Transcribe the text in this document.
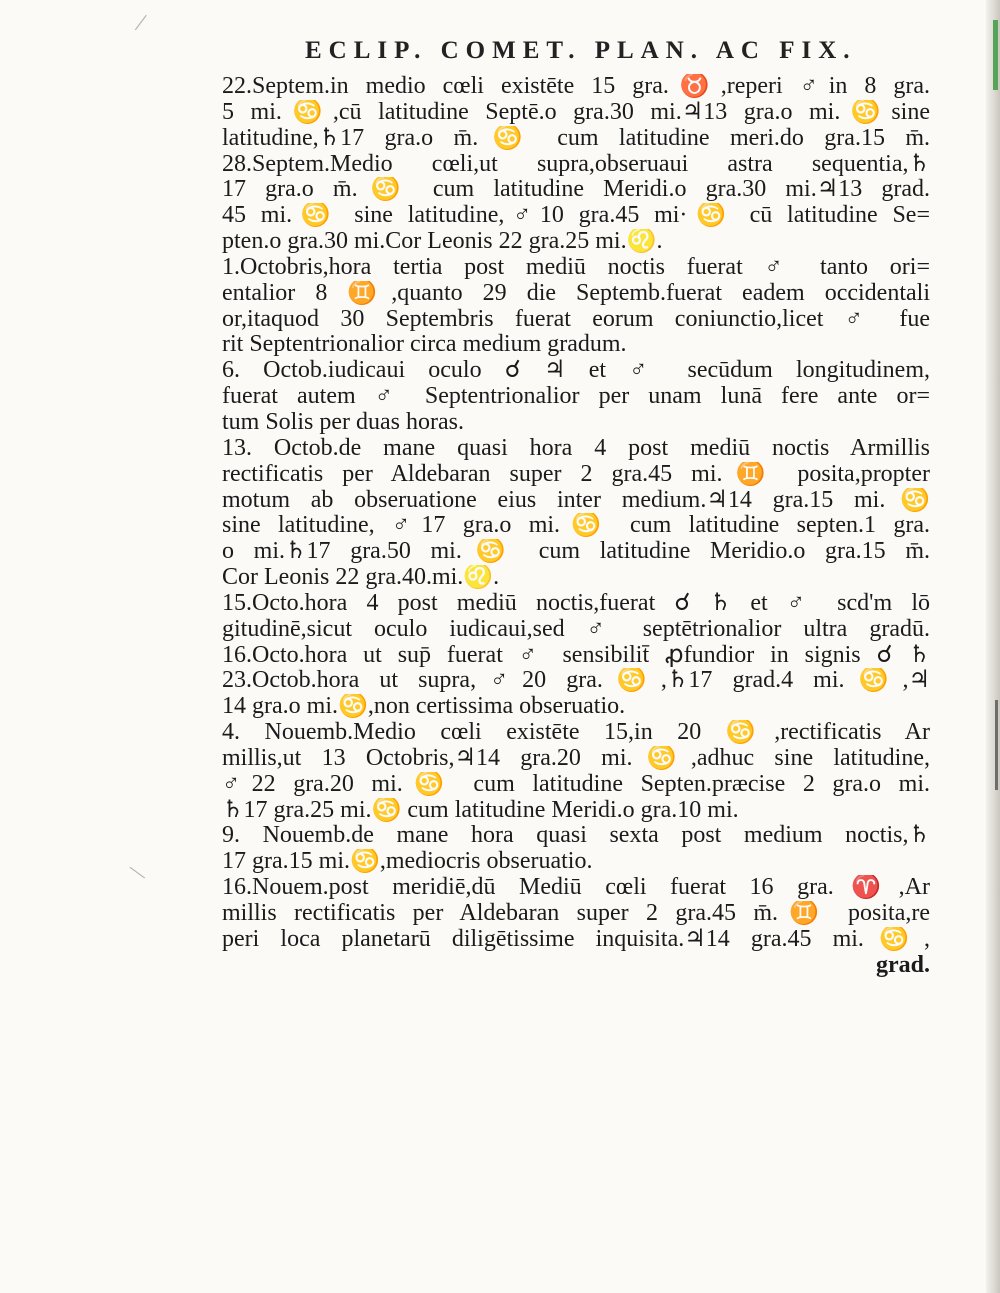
/
\
ECLIP. COMET. PLAN. AC FIX.
22.Septem.in medio cœli existēte 15 gra.♉,reperi ♂in 8 gra.
5 mi.♋,cū latitudine Septē.o gra.30 mi.♃13 gra.o mi.♋sine
latitudine,♄17 gra.o m̄.♋ cum latitudine meri.do gra.15 m̄.
28.Septem.Medio cœli,ut supra,obseruaui astra sequentia,♄
17 gra.o m̄.♋ cum latitudine Meridi.o gra.30 mi.♃13 grad.
45 mi.♋ sine latitudine,♂10 gra.45 mi·♋ cū latitudine Se=
pten.o gra.30 mi.Cor Leonis 22 gra.25 mi.♌.
1.Octobris,hora tertia post mediū noctis fuerat ♂ tanto ori=
entalior 8 ♊,quanto 29 die Septemb.fuerat eadem occidentali
or,itaquod 30 Septembris fuerat eorum coniunctio,licet ♂ fue
rit Septentrionalior circa medium gradum.
6. Octob.iudicaui oculo ☌ ♃ et ♂ secūdum longitudinem,
fuerat autem ♂ Septentrionalior per unam lunā fere ante or=
tum Solis per duas horas.
13. Octob.de mane quasi hora 4 post mediū noctis Armillis
rectificatis per Aldebaran super 2 gra.45 mi.♊ posita,propter
motum ab obseruatione eius inter medium.♃14 gra.15 mi.♋
sine latitudine, ♂17 gra.o mi.♋ cum latitudine septen.1 gra.
o mi.♄17 gra.50 mi.♋ cum latitudine Meridio.o gra.15 m̄.
Cor Leonis 22 gra.40.mi.♌.
15.Octo.hora 4 post mediū noctis,fuerat ☌ ♄ et ♂ scd'm lō
gitudinē,sicut oculo iudicaui,sed ♂ septētrionalior ultra gradū.
16.Octo.hora ut sup̄ fuerat ♂ sensibilit̄ ꝓfundior in signis ☌ ♄
23.Octob.hora ut supra,♂20 gra.♋,♄17 grad.4 mi.♋,♃
14 gra.o mi.♋,non certissima obseruatio.
4. Nouemb.Medio cœli existēte 15,in 20 ♋,rectificatis Ar
millis,ut 13 Octobris,♃14 gra.20 mi.♋,adhuc sine latitudine,
♂22 gra.20 mi.♋ cum latitudine Septen.præcise 2 gra.o mi.
♄17 gra.25 mi.♋ cum latitudine Meridi.o gra.10 mi.
9. Nouemb.de mane hora quasi sexta post medium noctis,♄
17 gra.15 mi.♋,mediocris obseruatio.
16.Nouem.post meridiē,dū Mediū cœli fuerat 16 gra.♈,Ar
millis rectificatis per Aldebaran super 2 gra.45 m̄.♊ posita,re
peri loca planetarū diligētissime inquisita.♃14 gra.45 mi.♋,
grad.
